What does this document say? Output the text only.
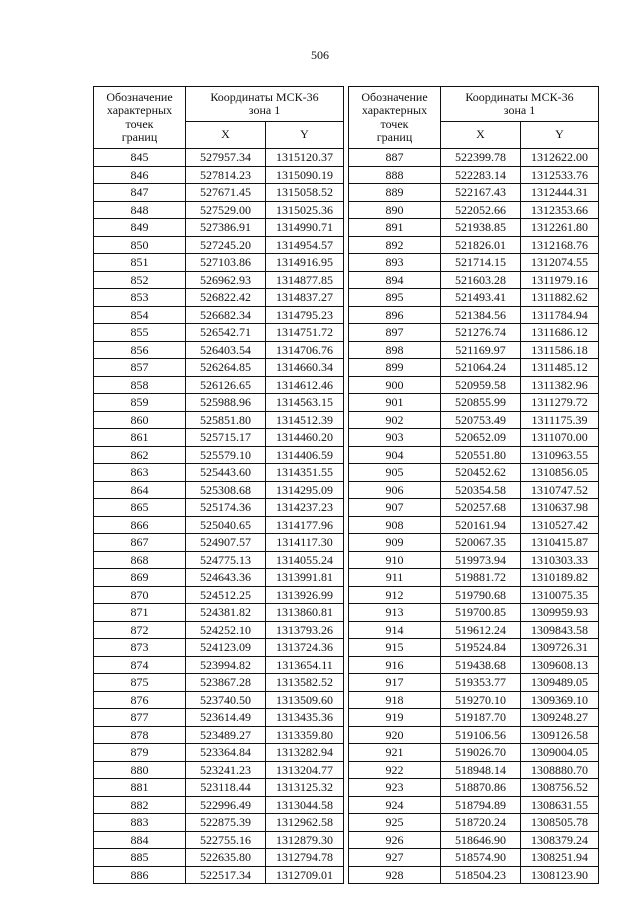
506
Обозначение
характерных
точек
границ	Координаты МСК-36
зона 1	
	X	Y
845	527957.34	1315120.37
846	527814.23	1315090.19
847	527671.45	1315058.52
848	527529.00	1315025.36
849	527386.91	1314990.71
850	527245.20	1314954.57
851	527103.86	1314916.95
852	526962.93	1314877.85
853	526822.42	1314837.27
854	526682.34	1314795.23
855	526542.71	1314751.72
856	526403.54	1314706.76
857	526264.85	1314660.34
858	526126.65	1314612.46
859	525988.96	1314563.15
860	525851.80	1314512.39
861	525715.17	1314460.20
862	525579.10	1314406.59
863	525443.60	1314351.55
864	525308.68	1314295.09
865	525174.36	1314237.23
866	525040.65	1314177.96
867	524907.57	1314117.30
868	524775.13	1314055.24
869	524643.36	1313991.81
870	524512.25	1313926.99
871	524381.82	1313860.81
872	524252.10	1313793.26
873	524123.09	1313724.36
874	523994.82	1313654.11
875	523867.28	1313582.52
876	523740.50	1313509.60
877	523614.49	1313435.36
878	523489.27	1313359.80
879	523364.84	1313282.94
880	523241.23	1313204.77
881	523118.44	1313125.32
882	522996.49	1313044.58
883	522875.39	1312962.58
884	522755.16	1312879.30
885	522635.80	1312794.78
886	522517.34	1312709.01
Обозначение
характерных
точек
границ	Координаты МСК-36
зона 1	
	X	Y
887	522399.78	1312622.00
888	522283.14	1312533.76
889	522167.43	1312444.31
890	522052.66	1312353.66
891	521938.85	1312261.80
892	521826.01	1312168.76
893	521714.15	1312074.55
894	521603.28	1311979.16
895	521493.41	1311882.62
896	521384.56	1311784.94
897	521276.74	1311686.12
898	521169.97	1311586.18
899	521064.24	1311485.12
900	520959.58	1311382.96
901	520855.99	1311279.72
902	520753.49	1311175.39
903	520652.09	1311070.00
904	520551.80	1310963.55
905	520452.62	1310856.05
906	520354.58	1310747.52
907	520257.68	1310637.98
908	520161.94	1310527.42
909	520067.35	1310415.87
910	519973.94	1310303.33
911	519881.72	1310189.82
912	519790.68	1310075.35
913	519700.85	1309959.93
914	519612.24	1309843.58
915	519524.84	1309726.31
916	519438.68	1309608.13
917	519353.77	1309489.05
918	519270.10	1309369.10
919	519187.70	1309248.27
920	519106.56	1309126.58
921	519026.70	1309004.05
922	518948.14	1308880.70
923	518870.86	1308756.52
924	518794.89	1308631.55
925	518720.24	1308505.78
926	518646.90	1308379.24
927	518574.90	1308251.94
928	518504.23	1308123.90
